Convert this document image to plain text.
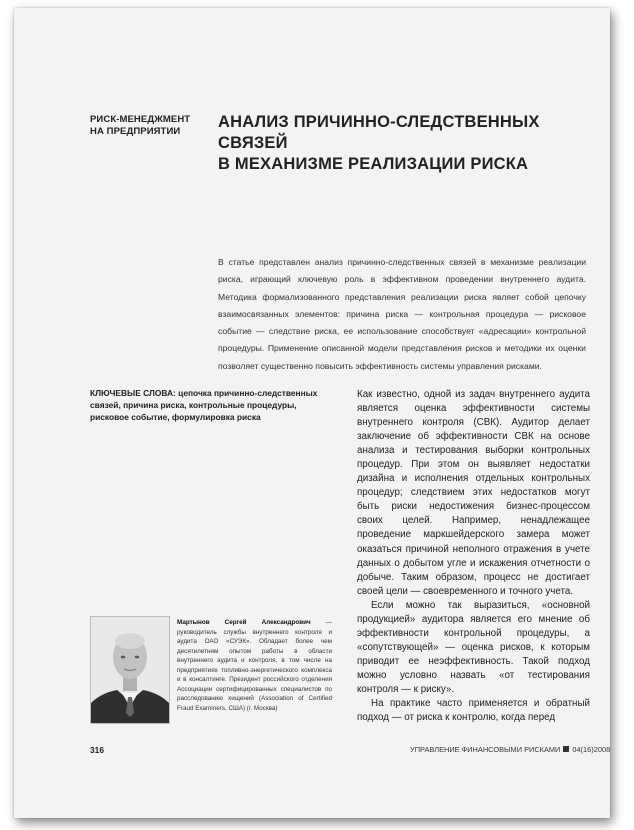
РИСК-МЕНЕДЖМЕНТ
НА ПРЕДПРИЯТИИ
АНАЛИЗ ПРИЧИННО-СЛЕДСТВЕННЫХ СВЯЗЕЙ
В МЕХАНИЗМЕ РЕАЛИЗАЦИИ РИСКА
В статье представлен анализ причинно-следственных связей в механизме реализации риска, играющий ключевую роль в эффективном проведении внутреннего аудита. Методика формализованного представления реализации риска являет собой цепочку взаимосвязанных элементов: причина риска — контрольная процедура — рисковое событие — следствие риска, ее использование способствует «адресации» контрольной процедуры. Применение описанной модели представления рисков и методики их оценки позволяет существенно повысить эффективность системы управления рисками.
КЛЮЧЕВЫЕ СЛОВА: цепочка причинно-следственных связей, причина риска, контрольные процедуры, рисковое событие, формулировка риска

Как известно, одной из задач внутреннего аудита является оценка эффективности системы внутреннего контроля (СВК). Аудитор делает заключение об эффективности СВК на основе анализа и тестирования выборки контрольных процедур. При этом он выявляет недостатки дизайна и исполнения отдельных контрольных процедур; следствием этих недостатков могут быть риски недостижения бизнес-процессом своих целей. Например, ненадлежащее проведение маркшейдерского замера может оказаться причиной неполного отражения в учете данных о добытом угле и искажения отчетности о добыче. Таким образом, процесс не достигает своей цели — своевременного и точного учета.

Если можно так выразиться, «основной продукцией» аудитора является его мнение об эффективности контрольной процедуры, а «сопутствующей» — оценка рисков, к которым приводит ее неэффективность. Такой подход можно условно назвать «от тестирования контроля — к риску».

На практике часто применяется и обратный подход — от риска к контролю, когда перед

Мартынов Сергей Александрович — руководитель службы внутреннего контроля и аудита ОАО «СУЭК». Обладает более чем десятилетним опытом работы в области внутреннего аудита и контроля, в том числе на предприятиях топливно-энергетического комплекса и в консалтинге. Президент российского отделения Ассоциации сертифицированных специалистов по расследованию хищений (Association of Certified Fraud Examiners, США) (г. Москва)
316	УПРАВЛЕНИЕ ФИНАНСОВЫМИ РИСКАМИ 04(16)2008
